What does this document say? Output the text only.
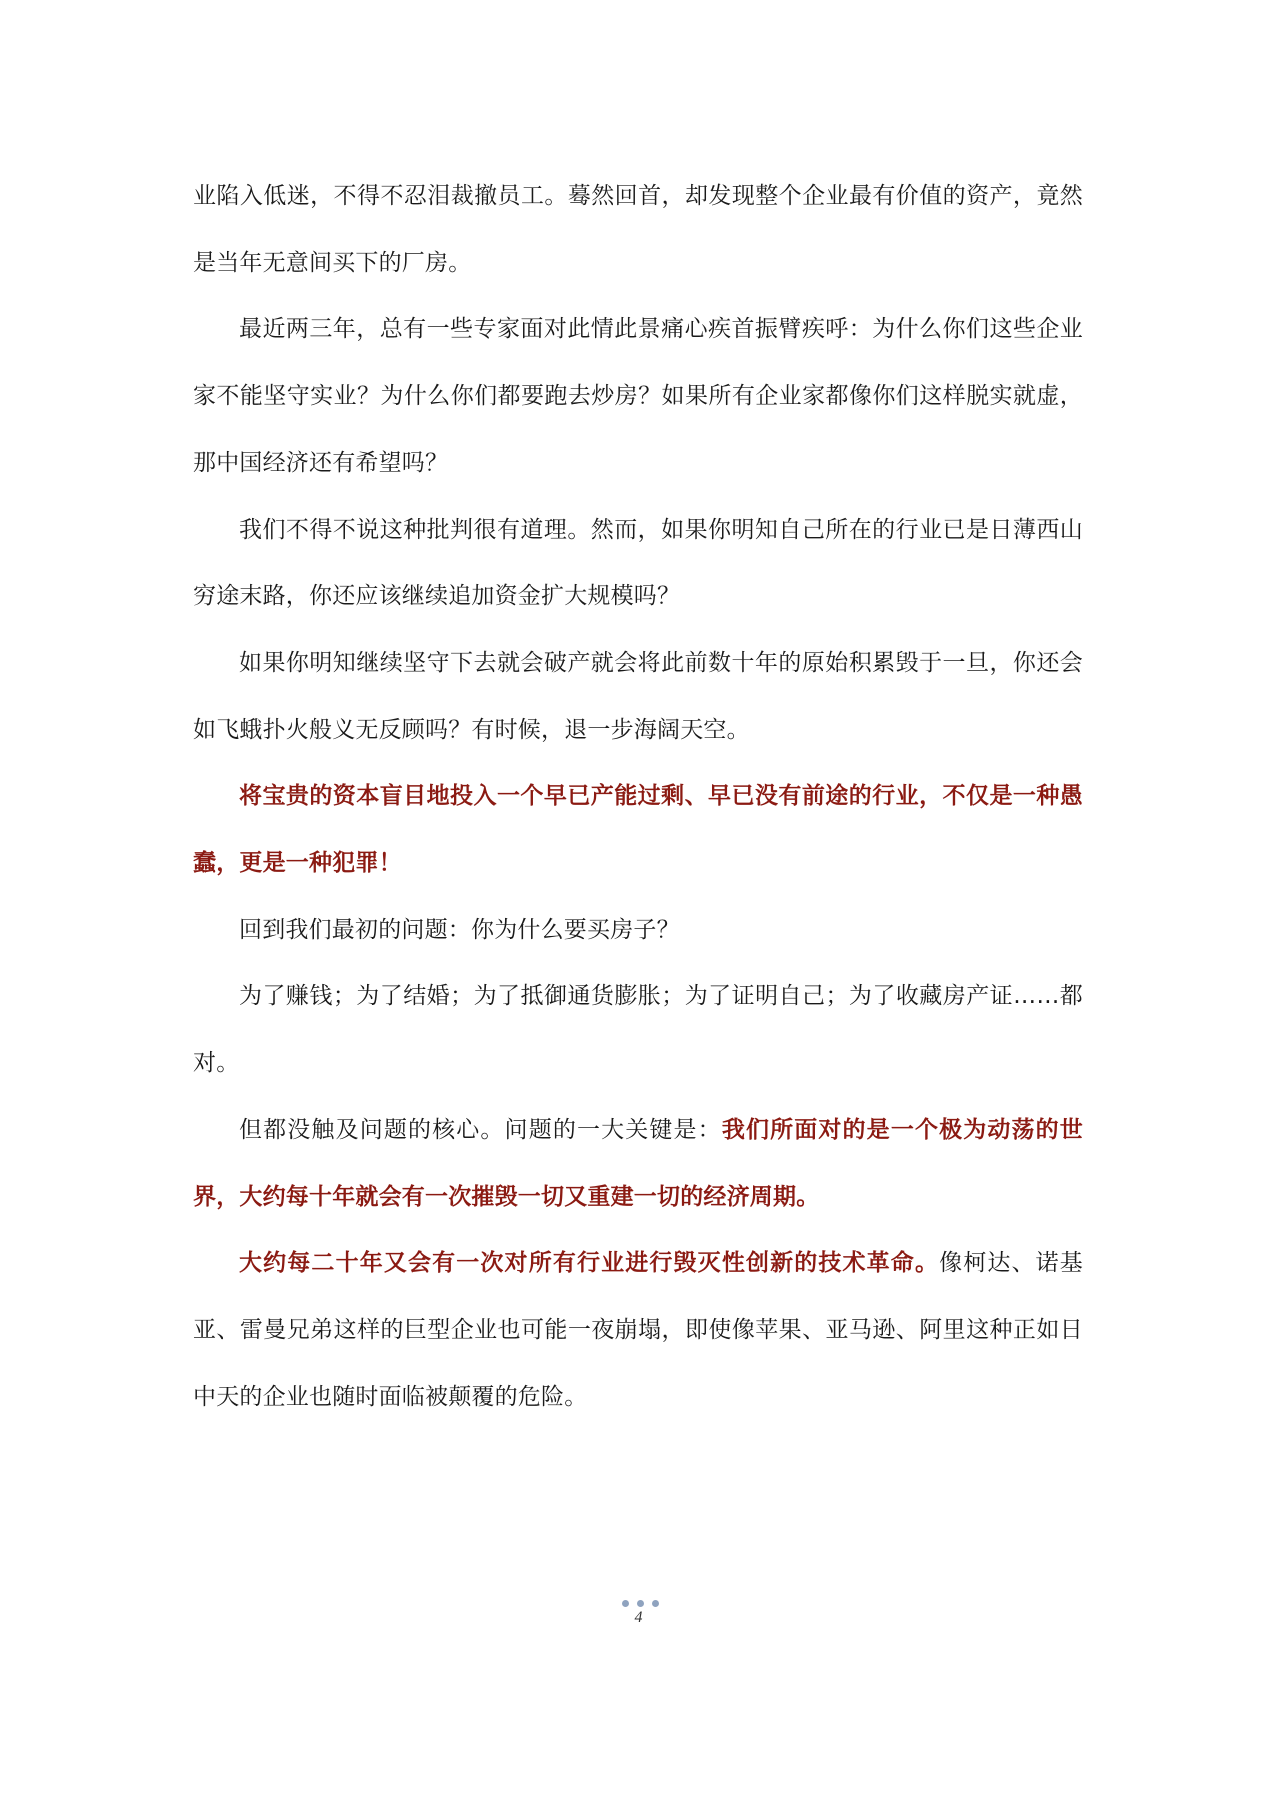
业陷入低迷，不得不忍泪裁撤员工。蓦然回首，却发现整个企业最有价值的资产，竟然是当年无意间买下的厂房。

最近两三年，总有一些专家面对此情此景痛心疾首振臂疾呼：为什么你们这些企业家不能坚守实业？为什么你们都要跑去炒房？如果所有企业家都像你们这样脱实就虚，那中国经济还有希望吗？

我们不得不说这种批判很有道理。然而，如果你明知自己所在的行业已是日薄西山穷途末路，你还应该继续追加资金扩大规模吗？

如果你明知继续坚守下去就会破产就会将此前数十年的原始积累毁于一旦，你还会如飞蛾扑火般义无反顾吗？有时候，退一步海阔天空。

将宝贵的资本盲目地投入一个早已产能过剩、早已没有前途的行业，不仅是一种愚蠢，更是一种犯罪！

回到我们最初的问题：你为什么要买房子？

为了赚钱；为了结婚；为了抵御通货膨胀；为了证明自己；为了收藏房产证……都对。

但都没触及问题的核心。问题的一大关键是：我们所面对的是一个极为动荡的世界，大约每十年就会有一次摧毁一切又重建一切的经济周期。

大约每二十年又会有一次对所有行业进行毁灭性创新的技术革命。像柯达、诺基亚、雷曼兄弟这样的巨型企业也可能一夜崩塌，即使像苹果、亚马逊、阿里这种正如日中天的企业也随时面临被颠覆的危险。

4
